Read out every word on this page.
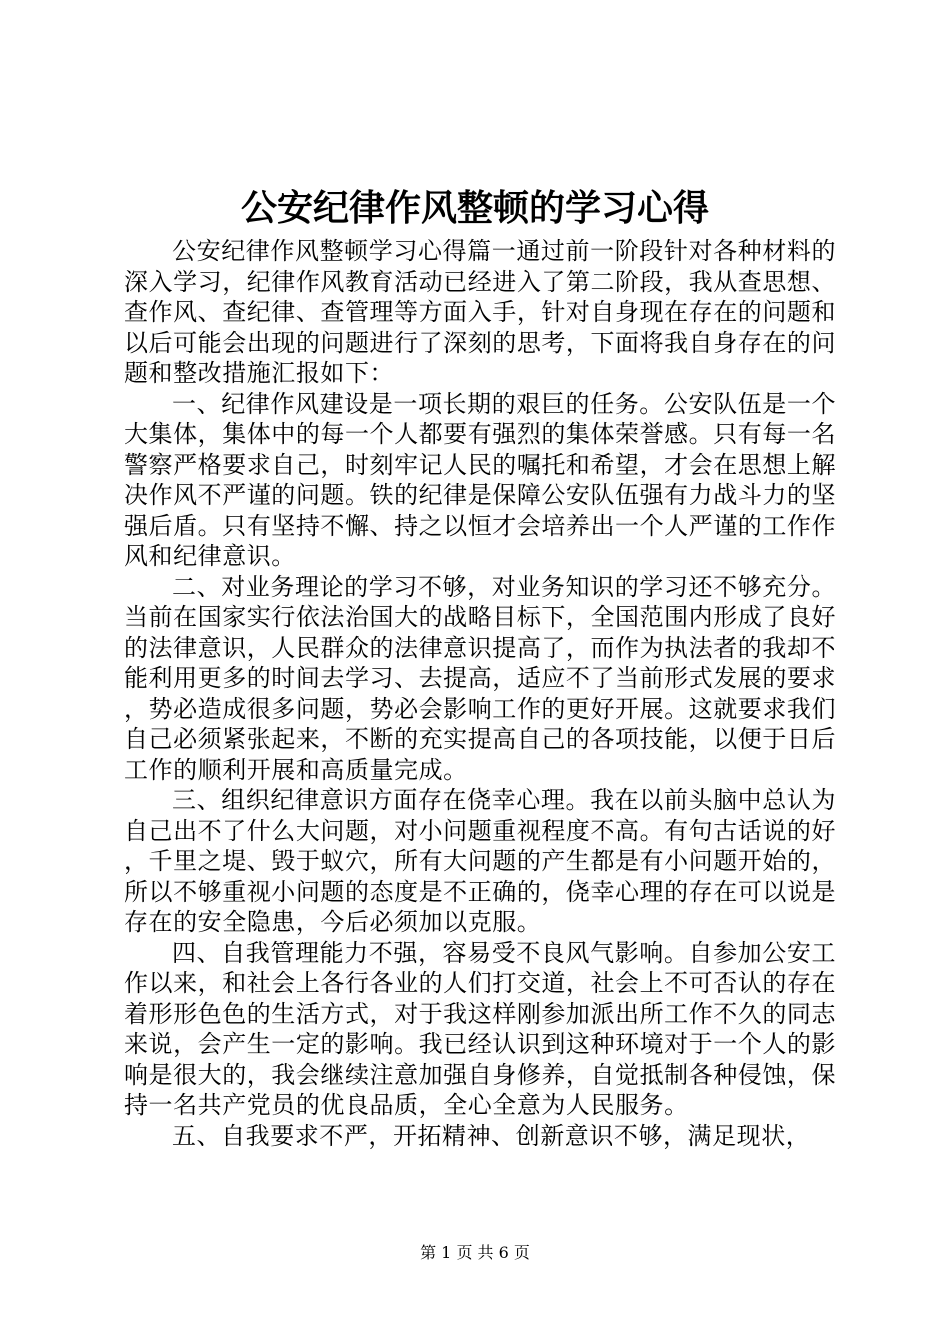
公安纪律作风整顿的学习心得

公安纪律作风整顿学习心得篇一通过前一阶段针对各种材料的深入学习，纪律作风教育活动已经进入了第二阶段，我从查思想、查作风、查纪律、查管理等方面入手，针对自身现在存在的问题和以后可能会出现的问题进行了深刻的思考，下面将我自身存在的问题和整改措施汇报如下：

一、纪律作风建设是一项长期的艰巨的任务。公安队伍是一个大集体，集体中的每一个人都要有强烈的集体荣誉感。只有每一名警察严格要求自己，时刻牢记人民的嘱托和希望，才会在思想上解决作风不严谨的问题。铁的纪律是保障公安队伍强有力战斗力的坚强后盾。只有坚持不懈、持之以恒才会培养出一个人严谨的工作作风和纪律意识。

二、对业务理论的学习不够，对业务知识的学习还不够充分。当前在国家实行依法治国大的战略目标下，全国范围内形成了良好的法律意识，人民群众的法律意识提高了，而作为执法者的我却不能利用更多的时间去学习、去提高，适应不了当前形式发展的要求，势必造成很多问题，势必会影响工作的更好开展。这就要求我们自己必须紧张起来，不断的充实提高自己的各项技能，以便于日后工作的顺利开展和高质量完成。

三、组织纪律意识方面存在侥幸心理。我在以前头脑中总认为自己出不了什么大问题，对小问题重视程度不高。有句古话说的好，千里之堤、毁于蚁穴，所有大问题的产生都是有小问题开始的，所以不够重视小问题的态度是不正确的，侥幸心理的存在可以说是存在的安全隐患，今后必须加以克服。

四、自我管理能力不强，容易受不良风气影响。自参加公安工作以来，和社会上各行各业的人们打交道，社会上不可否认的存在着形形色色的生活方式，对于我这样刚参加派出所工作不久的同志来说，会产生一定的影响。我已经认识到这种环境对于一个人的影响是很大的，我会继续注意加强自身修养，自觉抵制各种侵蚀，保持一名共产党员的优良品质，全心全意为人民服务。

五、自我要求不严，开拓精神、创新意识不够，满足现状，

第 1 页 共 6 页
